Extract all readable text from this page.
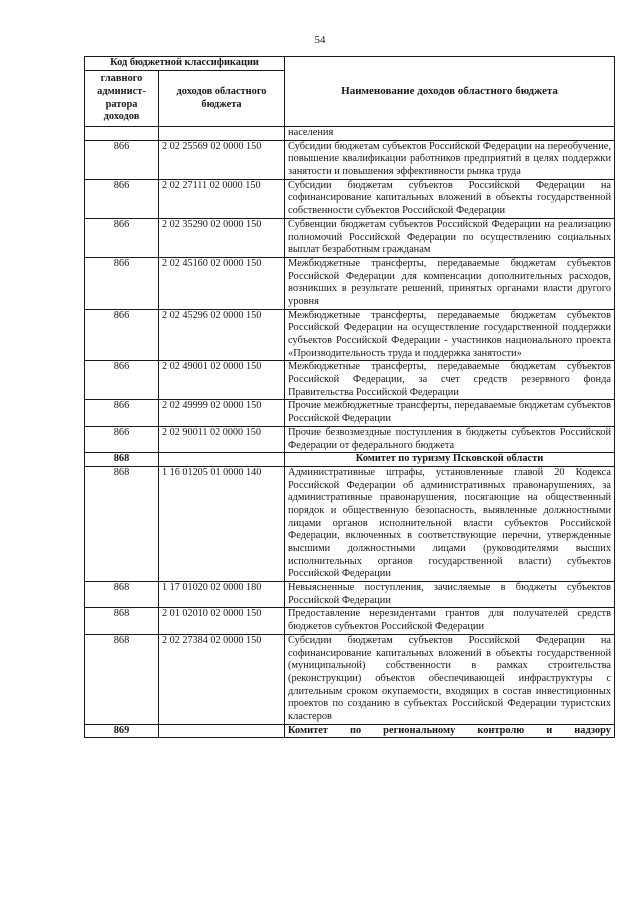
54
Код бюджетной классификации		Наименование доходов областного бюджета
главного админист-ратора доходов	доходов областного бюджета	
		населения
866	2 02 25569 02 0000 150	Субсидии бюджетам субъектов Российской Федерации на переобучение, повышение квалификации работников предприятий в целях поддержки занятости и повышения эффективности рынка труда
866	2 02 27111 02 0000 150	Субсидии бюджетам субъектов Российской Федерации на софинансирование капитальных вложений в объекты государственной собственности субъектов Российской Федерации
866	2 02 35290 02 0000 150	Субвенции бюджетам субъектов Российской Федерации на реализацию полномочий Российской Федерации по осуществлению социальных выплат безработным гражданам
866	2 02 45160 02 0000 150	Межбюджетные трансферты, передаваемые бюджетам субъектов Российской Федерации для компенсации дополнительных расходов, возникших в результате решений, принятых органами власти другого уровня
866	2 02 45296 02 0000 150	Межбюджетные трансферты, передаваемые бюджетам субъектов Российской Федерации на осуществление государственной поддержки субъектов Российской Федерации - участников национального проекта «Производительность труда и поддержка занятости»
866	2 02 49001 02 0000 150	Межбюджетные трансферты, передаваемые бюджетам субъектов Российской Федерации, за счет средств резервного фонда Правительства Российской Федерации
866	2 02 49999 02 0000 150	Прочие межбюджетные трансферты, передаваемые бюджетам субъектов Российской Федерации
866	2 02 90011 02 0000 150	Прочие безвозмездные поступления в бюджеты субъектов Российской Федерации от федерального бюджета
868		Комитет по туризму Псковской области
868	1 16 01205 01 0000 140	Административные штрафы, установленные главой 20 Кодекса Российской Федерации об административных правонарушениях, за административные правонарушения, посягающие на общественный порядок и общественную безопасность, выявленные должностными лицами органов исполнительной власти субъектов Российской Федерации, включенных в соответствующие перечни, утвержденные высшими должностными лицами (руководителями высших исполнительных органов государственной власти) субъектов Российской Федерации
868	1 17 01020 02 0000 180	Невыясненные поступления, зачисляемые в бюджеты субъектов Российской Федерации
868	2 01 02010 02 0000 150	Предоставление нерезидентами грантов для получателей средств бюджетов субъектов Российской Федерации
868	2 02 27384 02 0000 150	Субсидии бюджетам субъектов Российской Федерации на софинансирование капитальных вложений в объекты государственной (муниципальной) собственности в рамках строительства (реконструкции) объектов обеспечивающей инфраструктуры с длительным сроком окупаемости, входящих в состав инвестиционных проектов по созданию в субъектах Российской Федерации туристских кластеров
869		Комитет по региональному контролю и надзору
